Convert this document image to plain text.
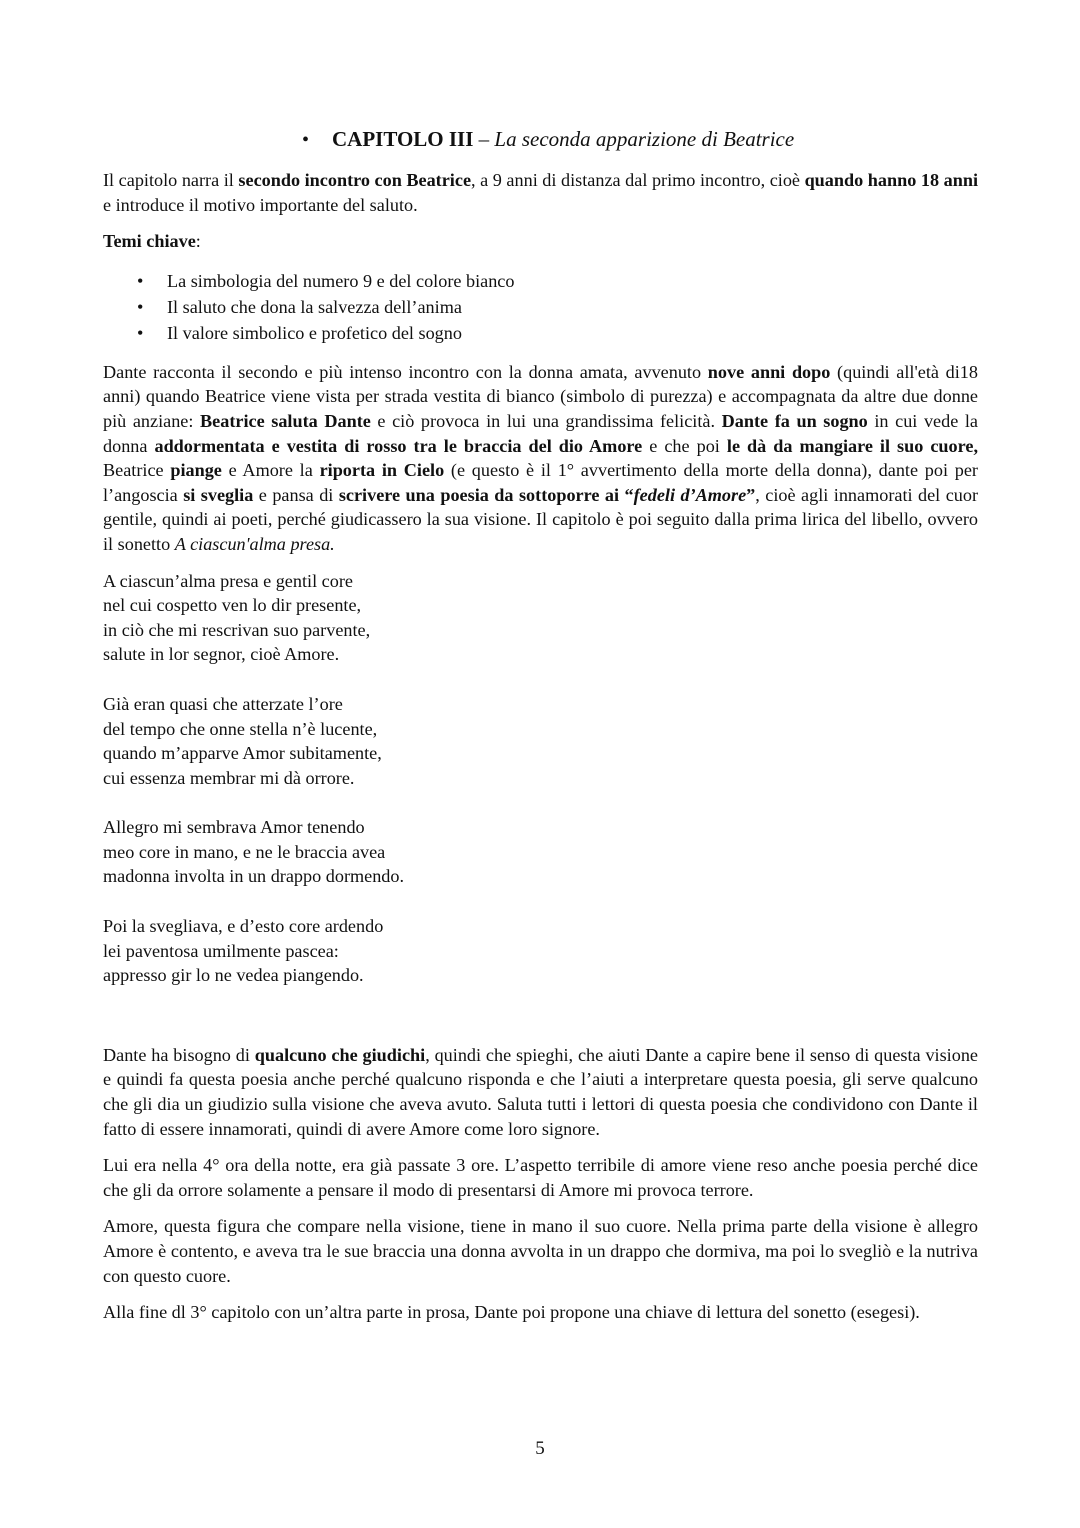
•	CAPITOLO III – La seconda apparizione di Beatrice

Il capitolo narra il secondo incontro con Beatrice, a 9 anni di distanza dal primo incontro, cioè quando hanno 18 anni e introduce il motivo importante del saluto.

Temi chiave:
•	La simbologia del numero 9 e del colore bianco
•	Il saluto che dona la salvezza dell’anima
•	Il valore simbolico e profetico del sogno

Dante racconta il secondo e più intenso incontro con la donna amata, avvenuto nove anni dopo (quindi all'età di18 anni) quando Beatrice viene vista per strada vestita di bianco (simbolo di purezza) e accompagnata da altre due donne più anziane: Beatrice saluta Dante e ciò provoca in lui una grandissima felicità. Dante fa un sogno in cui vede la donna addormentata e vestita di rosso tra le braccia del dio Amore e che poi le dà da mangiare il suo cuore, Beatrice piange e Amore la riporta in Cielo (e questo è il 1° avvertimento della morte della donna), dante poi per l’angoscia si sveglia e pansa di scrivere una poesia da sottoporre ai “fedeli d’Amore”, cioè agli innamorati del cuor gentile, quindi ai poeti, perché giudicassero la sua visione. Il capitolo è poi seguito dalla prima lirica del libello, ovvero il sonetto A ciascun'alma presa.

A ciascun’alma presa e gentil core
nel cui cospetto ven lo dir presente,
in ciò che mi rescrivan suo parvente,
salute in lor segnor, cioè Amore.
Già eran quasi che atterzate l’ore
del tempo che onne stella n’è lucente,
quando m’apparve Amor subitamente,
cui essenza membrar mi dà orrore.
Allegro mi sembrava Amor tenendo
meo core in mano, e ne le braccia avea
madonna involta in un drappo dormendo.
Poi la svegliava, e d’esto core ardendo
lei paventosa umilmente pascea:
appresso gir lo ne vedea piangendo.

Dante ha bisogno di qualcuno che giudichi, quindi che spieghi, che aiuti Dante a capire bene il senso di questa visione e quindi fa questa poesia anche perché qualcuno risponda e che l’aiuti a interpretare questa poesia, gli serve qualcuno che gli dia un giudizio sulla visione che aveva avuto. Saluta tutti i lettori di questa poesia che condividono con Dante il fatto di essere innamorati, quindi di avere Amore come loro signore.

Lui era nella 4° ora della notte, era già passate 3 ore. L’aspetto terribile di amore viene reso anche poesia perché dice che gli da orrore solamente a pensare il modo di presentarsi di Amore mi provoca terrore.

Amore, questa figura che compare nella visione, tiene in mano il suo cuore. Nella prima parte della visione è allegro Amore è contento, e aveva tra le sue braccia una donna avvolta in un drappo che dormiva, ma poi lo svegliò e la nutriva con questo cuore.

Alla fine dl 3° capitolo con un’altra parte in prosa, Dante poi propone una chiave di lettura del sonetto (esegesi).

5
